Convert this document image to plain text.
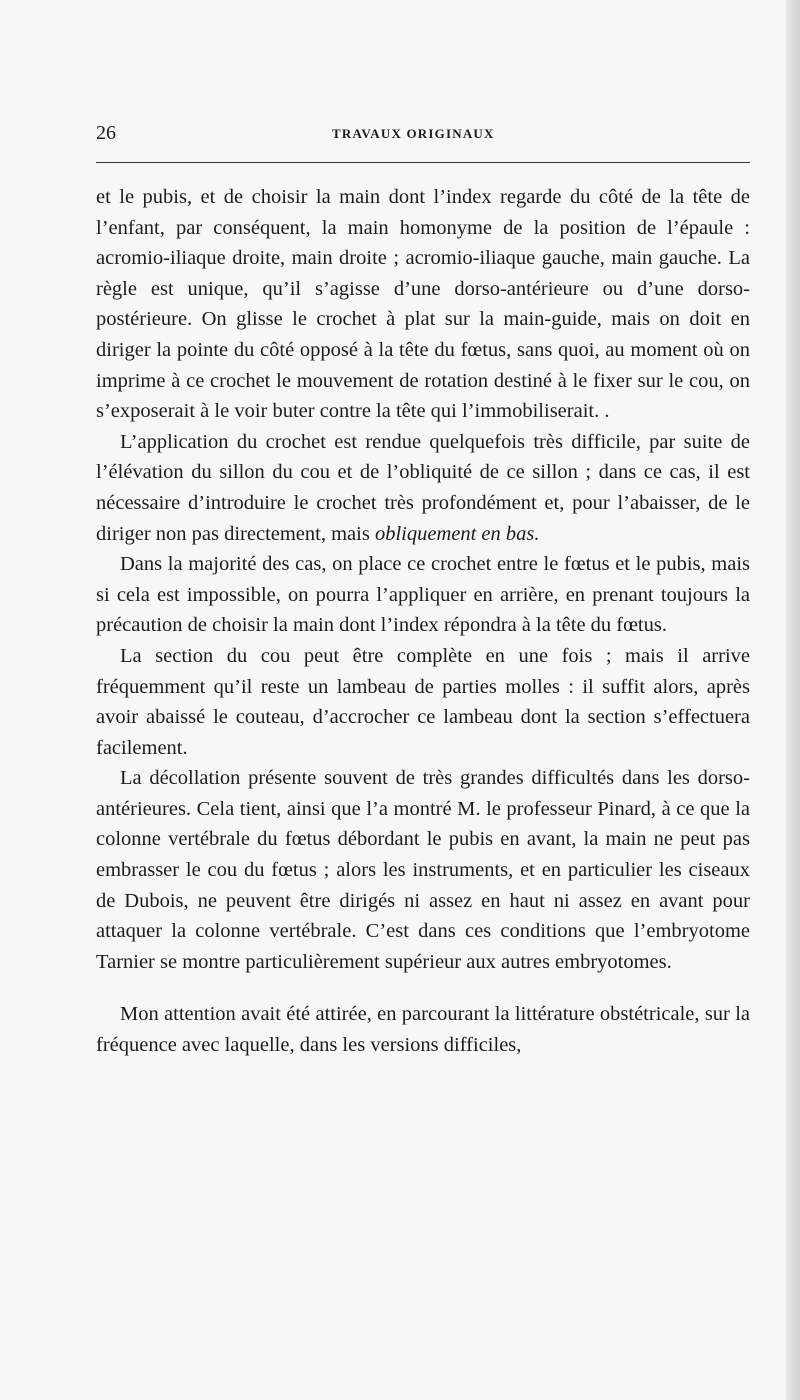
26	TRAVAUX ORIGINAUX

et le pubis, et de choisir la main dont l’index regarde du côté de la tête de l’enfant, par conséquent, la main homonyme de la position de l’épaule : acromio-iliaque droite, main droite ; acromio-iliaque gauche, main gauche. La règle est unique, qu’il s’agisse d’une dorso-antérieure ou d’une dorso-postérieure. On glisse le crochet à plat sur la main-guide, mais on doit en diriger la pointe du côté opposé à la tête du fœtus, sans quoi, au moment où on imprime à ce crochet le mouvement de rotation destiné à le fixer sur le cou, on s’exposerait à le voir buter contre la tête qui l’immobiliserait. .

L’application du crochet est rendue quelquefois très difficile, par suite de l’élévation du sillon du cou et de l’obliquité de ce sillon ; dans ce cas, il est nécessaire d’introduire le crochet très profondément et, pour l’abaisser, de le diriger non pas directement, mais obliquement en bas.

Dans la majorité des cas, on place ce crochet entre le fœtus et le pubis, mais si cela est impossible, on pourra l’appliquer en arrière, en prenant toujours la précaution de choisir la main dont l’index répondra à la tête du fœtus.

La section du cou peut être complète en une fois ; mais il arrive fréquemment qu’il reste un lambeau de parties molles : il suffit alors, après avoir abaissé le couteau, d’accrocher ce lambeau dont la section s’effectuera facilement.

La décollation présente souvent de très grandes difficultés dans les dorso-antérieures. Cela tient, ainsi que l’a montré M. le professeur Pinard, à ce que la colonne vertébrale du fœtus débordant le pubis en avant, la main ne peut pas embrasser le cou du fœtus ; alors les instruments, et en particulier les ciseaux de Dubois, ne peuvent être dirigés ni assez en haut ni assez en avant pour attaquer la colonne vertébrale. C’est dans ces conditions que l’embryotome Tarnier se montre particulièrement supérieur aux autres embryotomes.

Mon attention avait été attirée, en parcourant la littérature obstétricale, sur la fréquence avec laquelle, dans les versions difficiles,
